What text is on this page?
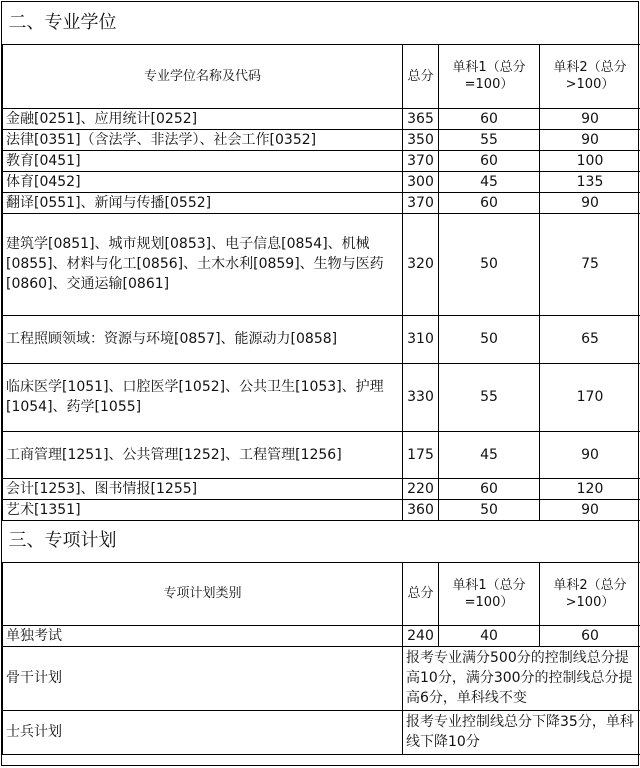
二、专业学位			
专业学位名称及代码	总分	单科1（总分=100）	单科2（总分>100）
金融[0251]、应用统计[0252]	365	60	90
法律[0351]（含法学、非法学）、社会工作[0352]	350	55	90
教育[0451]	370	60	100
体育[0452]	300	45	135
翻译[0551]、新闻与传播[0552]	370	60	90
建筑学[0851]、城市规划[0853]、电子信息[0854]、机械[0855]、材料与化工[0856]、土木水利[0859]、生物与医药[0860]、交通运输[0861]	320	50	75
工程照顾领域：资源与环境[0857]、能源动力[0858]	310	50	65
临床医学[1051]、口腔医学[1052]、公共卫生[1053]、护理[1054]、药学[1055]	330	55	170
工商管理[1251]、公共管理[1252]、工程管理[1256]	175	45	90
会计[1253]、图书情报[1255]	220	60	120
艺术[1351]	360	50	90
三、专项计划			
专项计划类别	总分	单科1（总分=100）	单科2（总分>100）
单独考试	240	40	60
骨干计划	报考专业满分500分的控制线总分提高10分，满分300分的控制线总分提高6分，单科线不变		
士兵计划	报考专业控制线总分下降35分，单科线下降10分		
